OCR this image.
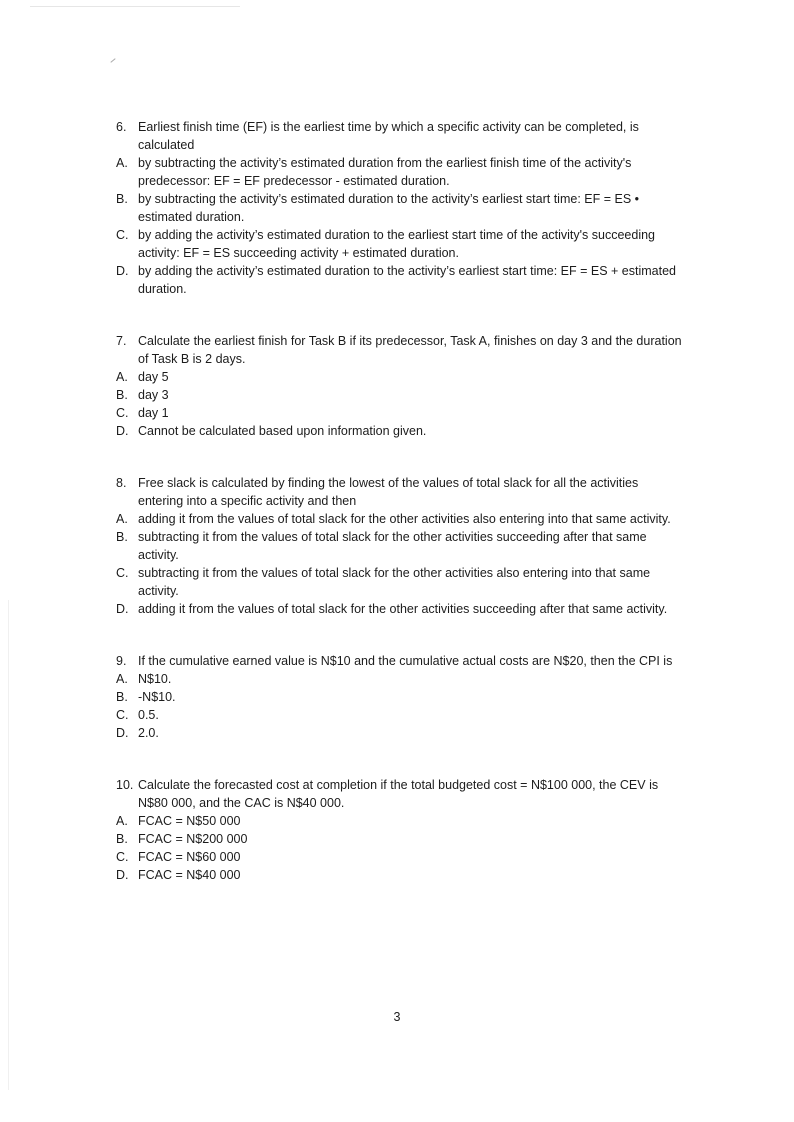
6. Earliest finish time (EF) is the earliest time by which a specific activity can be completed, is calculated
A. by subtracting the activity’s estimated duration from the earliest finish time of the activity's predecessor: EF = EF predecessor - estimated duration.
B. by subtracting the activity’s estimated duration to the activity’s earliest start time: EF = ES • estimated duration.
C. by adding the activity’s estimated duration to the earliest start time of the activity's succeeding activity: EF = ES succeeding activity + estimated duration.
D. by adding the activity’s estimated duration to the activity’s earliest start time: EF = ES + estimated duration.
7. Calculate the earliest finish for Task B if its predecessor, Task A, finishes on day 3 and the duration of Task B is 2 days.
A. day 5
B. day 3
C. day 1
D. Cannot be calculated based upon information given.
8. Free slack is calculated by finding the lowest of the values of total slack for all the activities entering into a specific activity and then
A. adding it from the values of total slack for the other activities also entering into that same activity.
B. subtracting it from the values of total slack for the other activities succeeding after that same activity.
C. subtracting it from the values of total slack for the other activities also entering into that same activity.
D. adding it from the values of total slack for the other activities succeeding after that same activity.
9. If the cumulative earned value is N$10 and the cumulative actual costs are N$20, then the CPI is
A. N$10.
B. -N$10.
C. 0.5.
D. 2.0.
10. Calculate the forecasted cost at completion if the total budgeted cost = N$100 000, the CEV is N$80 000, and the CAC is N$40 000.
A. FCAC = N$50 000
B. FCAC = N$200 000
C. FCAC = N$60 000
D. FCAC = N$40 000
3
